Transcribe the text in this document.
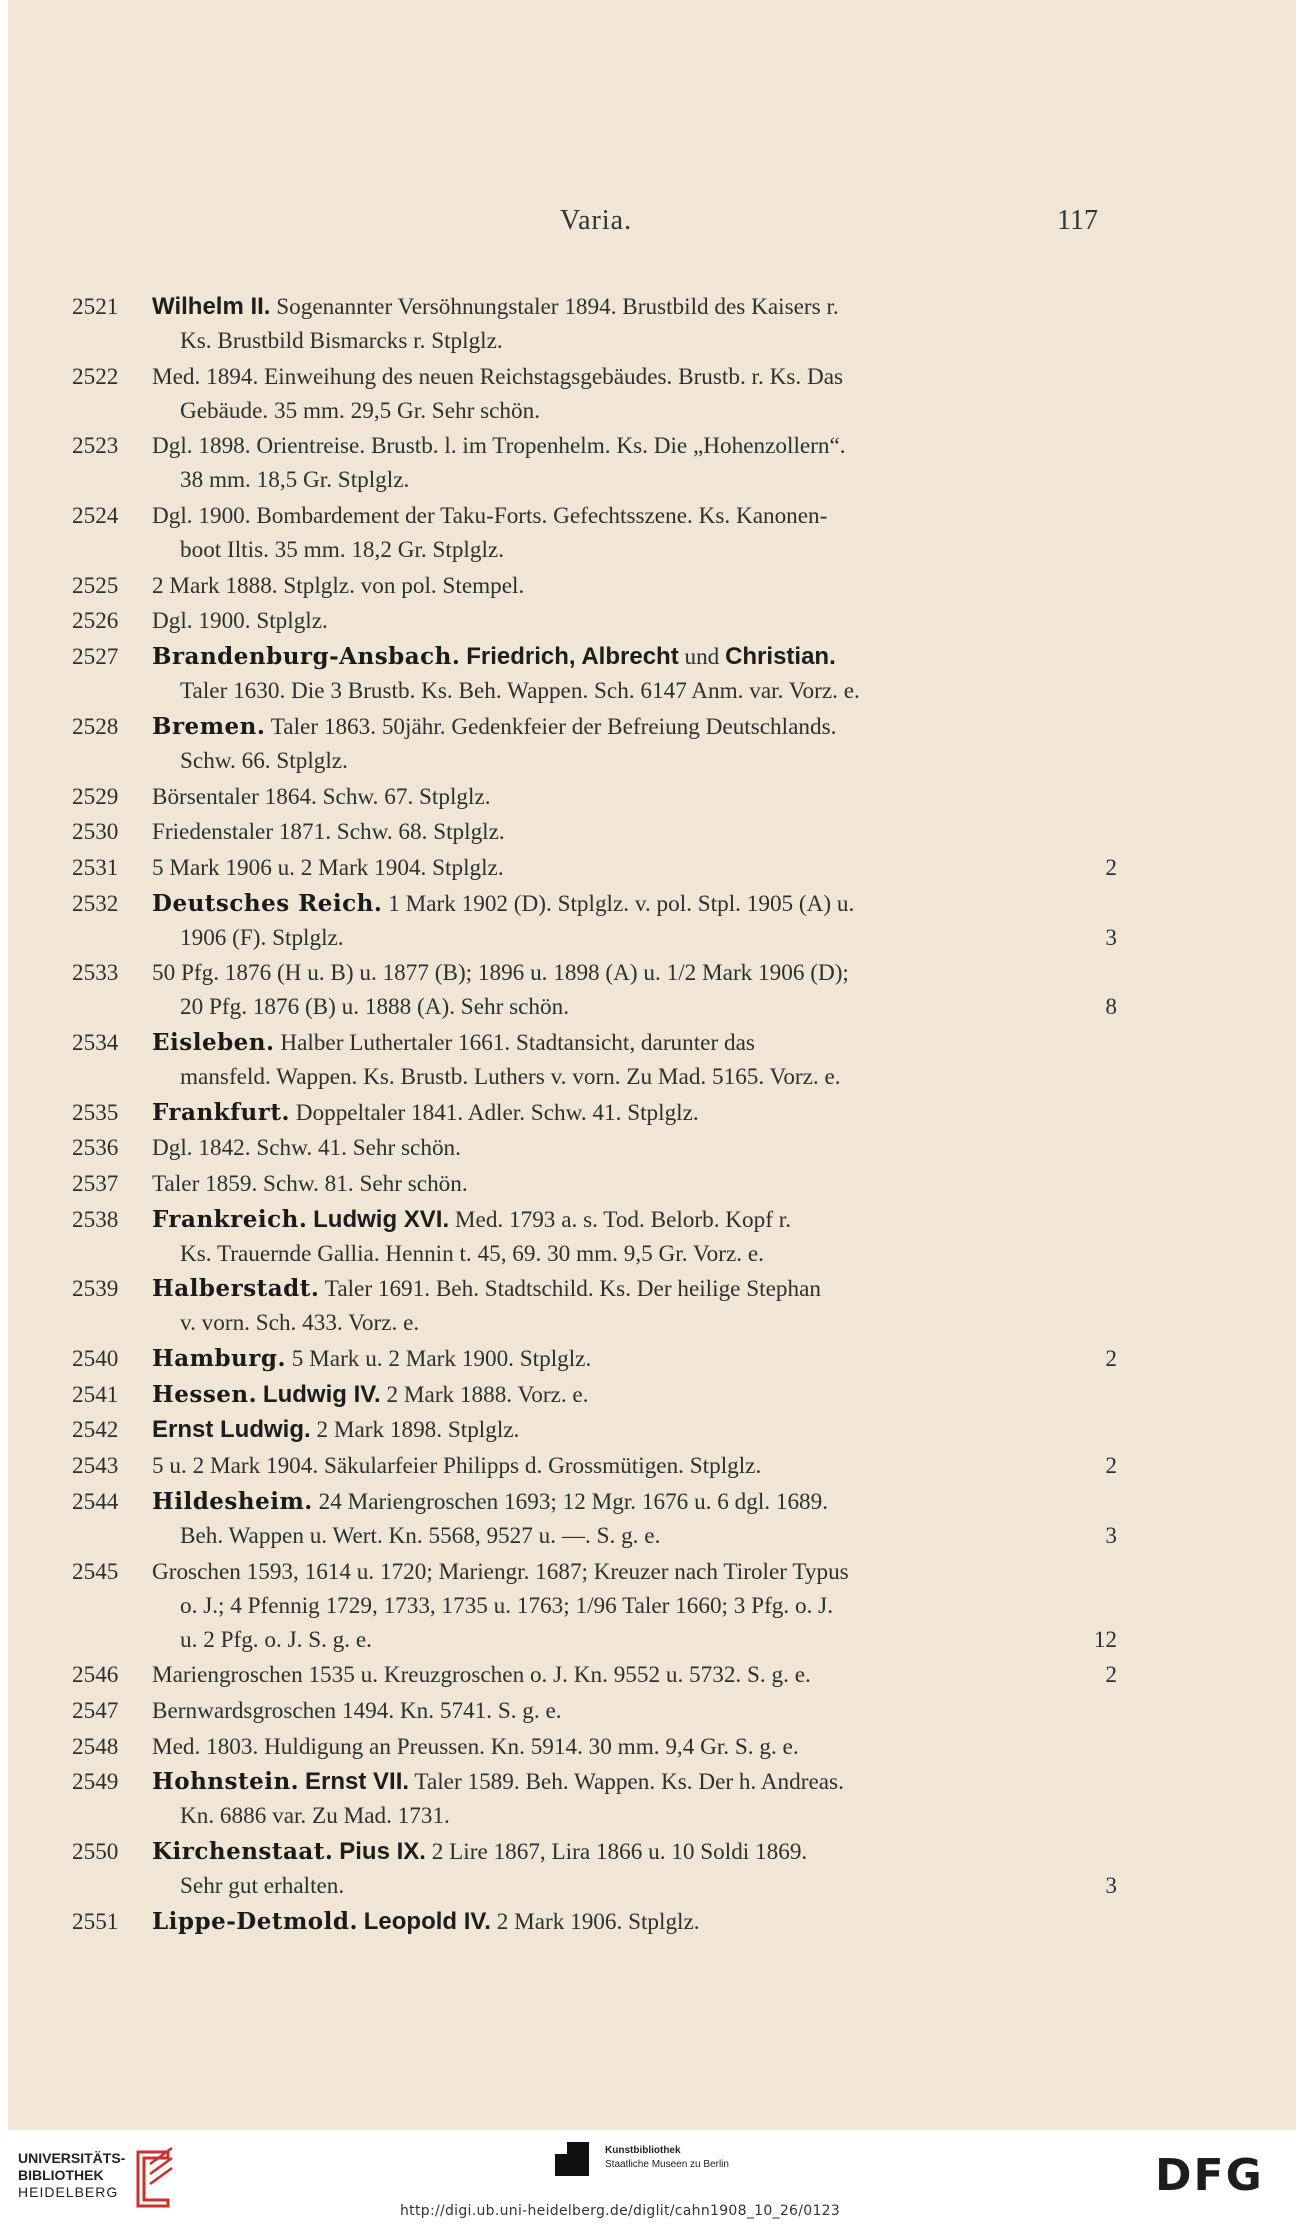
Varia.	117
2521	Wilhelm II. Sogenannter Versöhnungstaler 1894. Brustbild des Kaisers r.
Ks. Brustbild Bismarcks r. Stplglz.
2522	Med. 1894. Einweihung des neuen Reichstagsgebäudes. Brustb. r. Ks. Das
Gebäude. 35 mm. 29,5 Gr. Sehr schön.
2523	Dgl. 1898. Orientreise. Brustb. l. im Tropenhelm. Ks. Die „Hohenzollern“.
38 mm. 18,5 Gr. Stplglz.
2524	Dgl. 1900. Bombardement der Taku-Forts. Gefechtsszene. Ks. Kanonen-
boot Iltis. 35 mm. 18,2 Gr. Stplglz.
2525	2 Mark 1888. Stplglz. von pol. Stempel.
2526	Dgl. 1900. Stplglz.
2527	Brandenburg-Ansbach. Friedrich, Albrecht und Christian.
Taler 1630. Die 3 Brustb. Ks. Beh. Wappen. Sch. 6147 Anm. var. Vorz. e.
2528	Bremen. Taler 1863. 50jähr. Gedenkfeier der Befreiung Deutschlands.
Schw. 66. Stplglz.
2529	Börsentaler 1864. Schw. 67. Stplglz.
2530	Friedenstaler 1871. Schw. 68. Stplglz.
2531	5 Mark 1906 u. 2 Mark 1904. Stplglz.	2
2532	Deutsches Reich. 1 Mark 1902 (D). Stplglz. v. pol. Stpl. 1905 (A) u.
1906 (F). Stplglz.	3
2533	50 Pfg. 1876 (H u. B) u. 1877 (B); 1896 u. 1898 (A) u. 1/2 Mark 1906 (D);
20 Pfg. 1876 (B) u. 1888 (A). Sehr schön.	8
2534	Eisleben. Halber Luthertaler 1661. Stadtansicht, darunter das
mansfeld. Wappen. Ks. Brustb. Luthers v. vorn. Zu Mad. 5165. Vorz. e.
2535	Frankfurt. Doppeltaler 1841. Adler. Schw. 41. Stplglz.
2536	Dgl. 1842. Schw. 41. Sehr schön.
2537	Taler 1859. Schw. 81. Sehr schön.
2538	Frankreich. Ludwig XVI. Med. 1793 a. s. Tod. Belorb. Kopf r.
Ks. Trauernde Gallia. Hennin t. 45, 69. 30 mm. 9,5 Gr. Vorz. e.
2539	Halberstadt. Taler 1691. Beh. Stadtschild. Ks. Der heilige Stephan
v. vorn. Sch. 433. Vorz. e.
2540	Hamburg. 5 Mark u. 2 Mark 1900. Stplglz.	2
2541	Hessen. Ludwig IV. 2 Mark 1888. Vorz. e.
2542	Ernst Ludwig. 2 Mark 1898. Stplglz.
2543	5 u. 2 Mark 1904. Säkularfeier Philipps d. Grossmütigen. Stplglz.	2
2544	Hildesheim. 24 Mariengroschen 1693; 12 Mgr. 1676 u. 6 dgl. 1689.
Beh. Wappen u. Wert. Kn. 5568, 9527 u. —. S. g. e.	3
2545	Groschen 1593, 1614 u. 1720; Mariengr. 1687; Kreuzer nach Tiroler Typus
o. J.; 4 Pfennig 1729, 1733, 1735 u. 1763; 1/96 Taler 1660; 3 Pfg. o. J.
u. 2 Pfg. o. J. S. g. e.	12
2546	Mariengroschen 1535 u. Kreuzgroschen o. J. Kn. 9552 u. 5732. S. g. e.	2
2547	Bernwardsgroschen 1494. Kn. 5741. S. g. e.
2548	Med. 1803. Huldigung an Preussen. Kn. 5914. 30 mm. 9,4 Gr. S. g. e.
2549	Hohnstein. Ernst VII. Taler 1589. Beh. Wappen. Ks. Der h. Andreas.
Kn. 6886 var. Zu Mad. 1731.
2550	Kirchenstaat. Pius IX. 2 Lire 1867, Lira 1866 u. 10 Soldi 1869.
Sehr gut erhalten.	3
2551	Lippe-Detmold. Leopold IV. 2 Mark 1906. Stplglz.
UNIVERSITÄTS-
BIBLIOTHEK
HEIDELBERG
Kunstbibliothek
Staatliche Museen zu Berlin	DFG
http://digi.ub.uni-heidelberg.de/diglit/cahn1908_10_26/0123
